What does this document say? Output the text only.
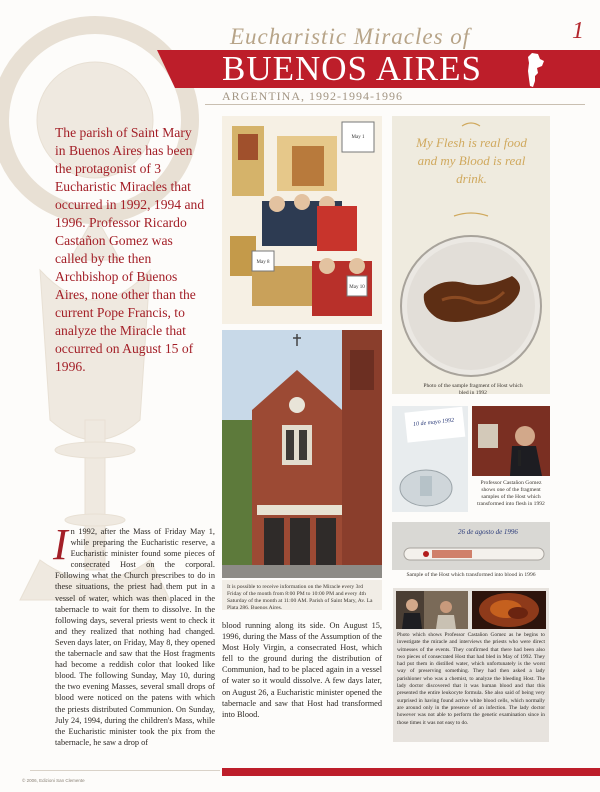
Eucharistic Miracles of	1
BUENOS AIRES
ARGENTINA, 1992-1994-1996
The parish of Saint Mary in Buenos Aires has been the protagonist of 3 Eucharistic Miracles that occurred in 1992, 1994 and 1996. Professor Ricardo Castañon Gomez was called by the then Archbishop of Buenos Aires, none other than the current Pope Francis, to analyze the Miracle that occurred on August 15 of 1996.
May 1
May 8
May 10
My Flesh is real food and my Blood is real drink.
Photo of the sample fragment of Host which bled in 1992
It is possible to receive information on the Miracle every 3rd Friday of the month from 8:00 PM to 10:00 PM and every 4th Saturday of the month at 11:00 AM. Parish of Saint Mary, Av. La Plata 286. Buenos Aires.
10 de mayo 1992
Professor Castañon Gomez shows one of the fragment samples of the Host which transformed into flesh in 1992
26 de agosto de 1996
Sample of the Host which transformed into blood in 1996
Photo which shows Professor Castañon Gomez as he begins to investigate the miracle and interviews the priests who were direct witnesses of the events. They confirmed that there had been also two pieces of consecrated Host that had bled in May of 1992. They had put them in distilled water, which unfortunately is the worst way of preserving something. They had then asked a lady parishioner who was a chemist, to analyze the bleeding Host. The lady doctor discovered that it was human blood and that this presented the entire leukocyte formula. She also said of being very surprised in having found active white blood cells, which normally are around only in the presence of an infection. The lady doctor however was not able to perform the genetic examination since in those times it was not easy to do.
In 1992, after the Mass of Friday May 1, while preparing the Eucharistic reserve, a Eucharistic minister found some pieces of consecrated Host on the corporal. Following what the Church prescribes to do in these situations, the priest had them put in a vessel of water, which was then placed in the tabernacle to wait for them to dissolve. In the following days, several priests went to check it and they realized that nothing had changed. Seven days later, on Friday, May 8, they opened the tabernacle and saw that the Host fragments had become a reddish color that looked like blood. The following Sunday, May 10, during the two evening Masses, several small drops of blood were noticed on the patens with which the priests distributed Communion. On Sunday, July 24, 1994, during the children's Mass, while the Eucharistic minister took the pix from the tabernacle, he saw a drop of
blood running along its side. On August 15, 1996, during the Mass of the Assumption of the Most Holy Virgin, a consecrated Host, which fell to the ground during the distribution of Communion, had to be placed again in a vessel of water so it would dissolve. A few days later, on August 26, a Eucharistic minister opened the tabernacle and saw that Host had transformed into Blood.
© 2006, Edizioni San Clemente
